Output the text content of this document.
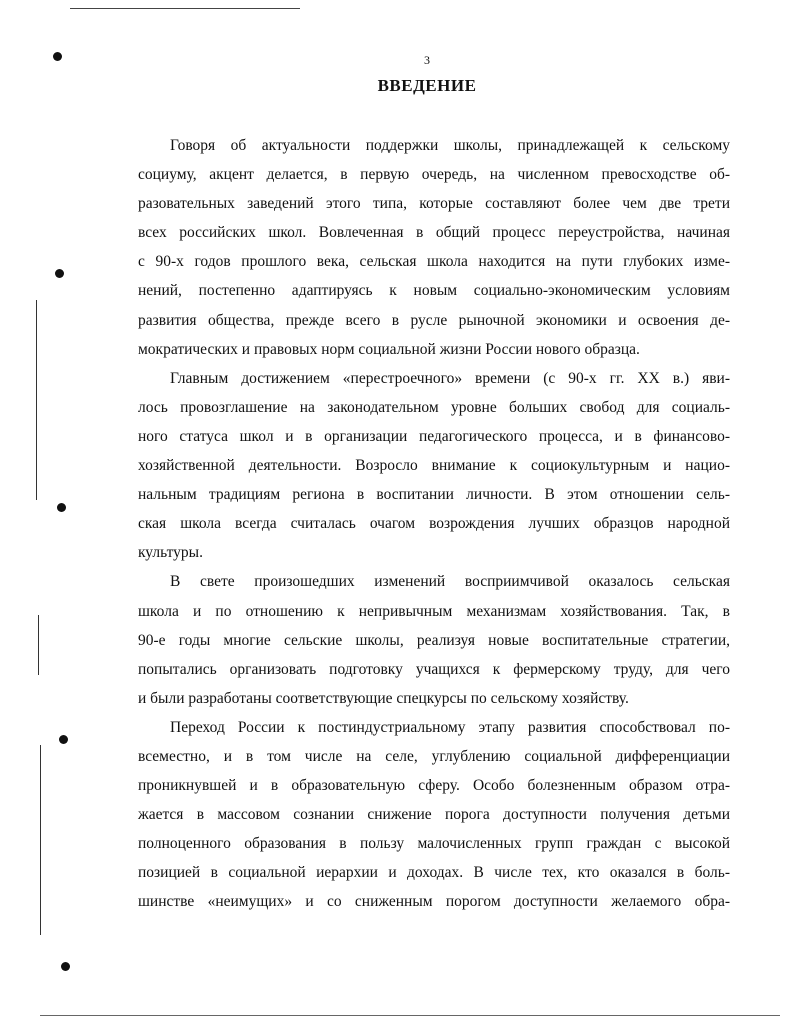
3
ВВЕДЕНИЕ
Говоря об актуальности поддержки школы, принадлежащей к сельскому
социуму, акцент делается, в первую очередь, на численном превосходстве об-
разовательных заведений этого типа, которые составляют более чем две трети
всех российских школ. Вовлеченная в общий процесс переустройства, начиная
с 90-х годов прошлого века, сельская школа находится на пути глубоких изме-
нений, постепенно адаптируясь к новым социально-экономическим условиям
развития общества, прежде всего в русле рыночной экономики и освоения де-
мократических и правовых норм социальной жизни России нового образца.
Главным достижением «перестроечного» времени (с 90-х гг. XX в.) яви-
лось провозглашение на законодательном уровне больших свобод для социаль-
ного статуса школ и в организации педагогического процесса, и в финансово-
хозяйственной деятельности. Возросло внимание к социокультурным и нацио-
нальным традициям региона в воспитании личности. В этом отношении сель-
ская школа всегда считалась очагом возрождения лучших образцов народной
культуры.
В свете произошедших изменений восприимчивой оказалось сельская
школа и по отношению к непривычным механизмам хозяйствования. Так, в
90-е годы многие сельские школы, реализуя новые воспитательные стратегии,
попытались организовать подготовку учащихся к фермерскому труду, для чего
и были разработаны соответствующие спецкурсы по сельскому хозяйству.
Переход России к постиндустриальному этапу развития способствовал по-
всеместно, и в том числе на селе, углублению социальной дифференциации
проникнувшей и в образовательную сферу. Особо болезненным образом отра-
жается в массовом сознании снижение порога доступности получения детьми
полноценного образования в пользу малочисленных групп граждан с высокой
позицией в социальной иерархии и доходах. В числе тех, кто оказался в боль-
шинстве «неимущих» и со сниженным порогом доступности желаемого обра-
